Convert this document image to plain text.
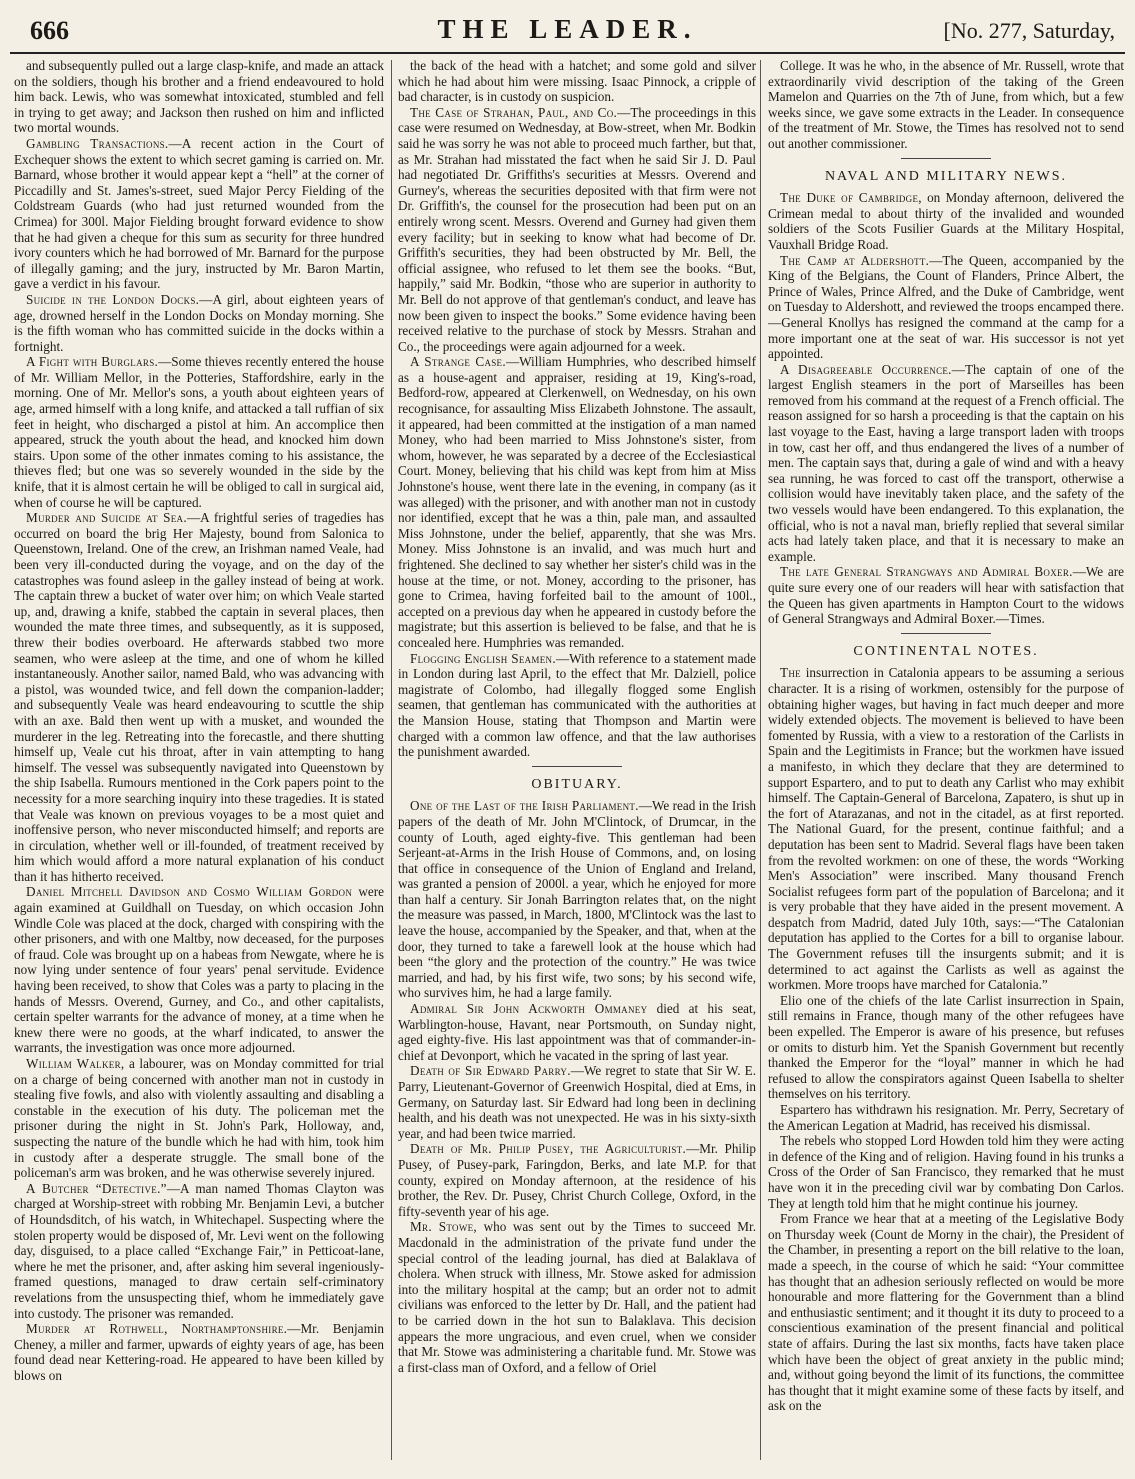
666	THE LEADER.	[No. 277, Saturday,

and subsequently pulled out a large clasp-knife, and made an attack on the soldiers, though his brother and a friend endeavoured to hold him back. Lewis, who was somewhat intoxicated, stumbled and fell in trying to get away; and Jackson then rushed on him and inflicted two mortal wounds.

Gambling Transactions.—A recent action in the Court of Exchequer shows the extent to which secret gaming is carried on. Mr. Barnard, whose brother it would appear kept a “hell” at the corner of Piccadilly and St. James's-street, sued Major Percy Fielding of the Coldstream Guards (who had just returned wounded from the Crimea) for 300l. Major Fielding brought forward evidence to show that he had given a cheque for this sum as security for three hundred ivory counters which he had borrowed of Mr. Barnard for the purpose of illegally gaming; and the jury, instructed by Mr. Baron Martin, gave a verdict in his favour.

Suicide in the London Docks.—A girl, about eighteen years of age, drowned herself in the London Docks on Monday morning. She is the fifth woman who has committed suicide in the docks within a fortnight.

A Fight with Burglars.—Some thieves recently entered the house of Mr. William Mellor, in the Potteries, Staffordshire, early in the morning. One of Mr. Mellor's sons, a youth about eighteen years of age, armed himself with a long knife, and attacked a tall ruffian of six feet in height, who discharged a pistol at him. An accomplice then appeared, struck the youth about the head, and knocked him down stairs. Upon some of the other inmates coming to his assistance, the thieves fled; but one was so severely wounded in the side by the knife, that it is almost certain he will be obliged to call in surgical aid, when of course he will be captured.

Murder and Suicide at Sea.—A frightful series of tragedies has occurred on board the brig Her Majesty, bound from Salonica to Queenstown, Ireland. One of the crew, an Irishman named Veale, had been very ill-conducted during the voyage, and on the day of the catastrophes was found asleep in the galley instead of being at work. The captain threw a bucket of water over him; on which Veale started up, and, drawing a knife, stabbed the captain in several places, then wounded the mate three times, and subsequently, as it is supposed, threw their bodies overboard. He afterwards stabbed two more seamen, who were asleep at the time, and one of whom he killed instantaneously. Another sailor, named Bald, who was advancing with a pistol, was wounded twice, and fell down the companion-ladder; and subsequently Veale was heard endeavouring to scuttle the ship with an axe. Bald then went up with a musket, and wounded the murderer in the leg. Retreating into the forecastle, and there shutting himself up, Veale cut his throat, after in vain attempting to hang himself. The vessel was subsequently navigated into Queenstown by the ship Isabella. Rumours mentioned in the Cork papers point to the necessity for a more searching inquiry into these tragedies. It is stated that Veale was known on previous voyages to be a most quiet and inoffensive person, who never misconducted himself; and reports are in circulation, whether well or ill-founded, of treatment received by him which would afford a more natural explanation of his conduct than it has hitherto received.

Daniel Mitchell Davidson and Cosmo William Gordon were again examined at Guildhall on Tuesday, on which occasion John Windle Cole was placed at the dock, charged with conspiring with the other prisoners, and with one Maltby, now deceased, for the purposes of fraud. Cole was brought up on a habeas from Newgate, where he is now lying under sentence of four years' penal servitude. Evidence having been received, to show that Coles was a party to placing in the hands of Messrs. Overend, Gurney, and Co., and other capitalists, certain spelter warrants for the advance of money, at a time when he knew there were no goods, at the wharf indicated, to answer the warrants, the investigation was once more adjourned.

William Walker, a labourer, was on Monday committed for trial on a charge of being concerned with another man not in custody in stealing five fowls, and also with violently assaulting and disabling a constable in the execution of his duty. The policeman met the prisoner during the night in St. John's Park, Holloway, and, suspecting the nature of the bundle which he had with him, took him in custody after a desperate struggle. The small bone of the policeman's arm was broken, and he was otherwise severely injured.

A Butcher “Detective.”—A man named Thomas Clayton was charged at Worship-street with robbing Mr. Benjamin Levi, a butcher of Houndsditch, of his watch, in Whitechapel. Suspecting where the stolen property would be disposed of, Mr. Levi went on the following day, disguised, to a place called “Exchange Fair,” in Petticoat-lane, where he met the prisoner, and, after asking him several ingeniously-framed questions, managed to draw certain self-criminatory revelations from the unsuspecting thief, whom he immediately gave into custody. The prisoner was remanded.

Murder at Rothwell, Northamptonshire.—Mr. Benjamin Cheney, a miller and farmer, upwards of eighty years of age, has been found dead near Kettering-road. He appeared to have been killed by blows on

the back of the head with a hatchet; and some gold and silver which he had about him were missing. Isaac Pinnock, a cripple of bad character, is in custody on suspicion.

The Case of Strahan, Paul, and Co.—The proceedings in this case were resumed on Wednesday, at Bow-street, when Mr. Bodkin said he was sorry he was not able to proceed much farther, but that, as Mr. Strahan had misstated the fact when he said Sir J. D. Paul had negotiated Dr. Griffiths's securities at Messrs. Overend and Gurney's, whereas the securities deposited with that firm were not Dr. Griffith's, the counsel for the prosecution had been put on an entirely wrong scent. Messrs. Overend and Gurney had given them every facility; but in seeking to know what had become of Dr. Griffith's securities, they had been obstructed by Mr. Bell, the official assignee, who refused to let them see the books. “But, happily,” said Mr. Bodkin, “those who are superior in authority to Mr. Bell do not approve of that gentleman's conduct, and leave has now been given to inspect the books.” Some evidence having been received relative to the purchase of stock by Messrs. Strahan and Co., the proceedings were again adjourned for a week.

A Strange Case.—William Humphries, who described himself as a house-agent and appraiser, residing at 19, King's-road, Bedford-row, appeared at Clerkenwell, on Wednesday, on his own recognisance, for assaulting Miss Elizabeth Johnstone. The assault, it appeared, had been committed at the instigation of a man named Money, who had been married to Miss Johnstone's sister, from whom, however, he was separated by a decree of the Ecclesiastical Court. Money, believing that his child was kept from him at Miss Johnstone's house, went there late in the evening, in company (as it was alleged) with the prisoner, and with another man not in custody nor identified, except that he was a thin, pale man, and assaulted Miss Johnstone, under the belief, apparently, that she was Mrs. Money. Miss Johnstone is an invalid, and was much hurt and frightened. She declined to say whether her sister's child was in the house at the time, or not. Money, according to the prisoner, has gone to Crimea, having forfeited bail to the amount of 100l., accepted on a previous day when he appeared in custody before the magistrate; but this assertion is believed to be false, and that he is concealed here. Humphries was remanded.

Flogging English Seamen.—With reference to a statement made in London during last April, to the effect that Mr. Dalziell, police magistrate of Colombo, had illegally flogged some English seamen, that gentleman has communicated with the authorities at the Mansion House, stating that Thompson and Martin were charged with a common law offence, and that the law authorises the punishment awarded.

OBITUARY.

One of the Last of the Irish Parliament.—We read in the Irish papers of the death of Mr. John M'Clintock, of Drumcar, in the county of Louth, aged eighty-five. This gentleman had been Serjeant-at-Arms in the Irish House of Commons, and, on losing that office in consequence of the Union of England and Ireland, was granted a pension of 2000l. a year, which he enjoyed for more than half a century. Sir Jonah Barrington relates that, on the night the measure was passed, in March, 1800, M'Clintock was the last to leave the house, accompanied by the Speaker, and that, when at the door, they turned to take a farewell look at the house which had been “the glory and the protection of the country.” He was twice married, and had, by his first wife, two sons; by his second wife, who survives him, he had a large family.

Admiral Sir John Ackworth Ommaney died at his seat, Warblington-house, Havant, near Portsmouth, on Sunday night, aged eighty-five. His last appointment was that of commander-in-chief at Devonport, which he vacated in the spring of last year.

Death of Sir Edward Parry.—We regret to state that Sir W. E. Parry, Lieutenant-Governor of Greenwich Hospital, died at Ems, in Germany, on Saturday last. Sir Edward had long been in declining health, and his death was not unexpected. He was in his sixty-sixth year, and had been twice married.

Death of Mr. Philip Pusey, the Agriculturist.—Mr. Philip Pusey, of Pusey-park, Faringdon, Berks, and late M.P. for that county, expired on Monday afternoon, at the residence of his brother, the Rev. Dr. Pusey, Christ Church College, Oxford, in the fifty-seventh year of his age.

Mr. Stowe, who was sent out by the Times to succeed Mr. Macdonald in the administration of the private fund under the special control of the leading journal, has died at Balaklava of cholera. When struck with illness, Mr. Stowe asked for admission into the military hospital at the camp; but an order not to admit civilians was enforced to the letter by Dr. Hall, and the patient had to be carried down in the hot sun to Balaklava. This decision appears the more ungracious, and even cruel, when we consider that Mr. Stowe was administering a charitable fund. Mr. Stowe was a first-class man of Oxford, and a fellow of Oriel

College. It was he who, in the absence of Mr. Russell, wrote that extraordinarily vivid description of the taking of the Green Mamelon and Quarries on the 7th of June, from which, but a few weeks since, we gave some extracts in the Leader. In consequence of the treatment of Mr. Stowe, the Times has resolved not to send out another commissioner.

NAVAL AND MILITARY NEWS.

The Duke of Cambridge, on Monday afternoon, delivered the Crimean medal to about thirty of the invalided and wounded soldiers of the Scots Fusilier Guards at the Military Hospital, Vauxhall Bridge Road.

The Camp at Aldershott.—The Queen, accompanied by the King of the Belgians, the Count of Flanders, Prince Albert, the Prince of Wales, Prince Alfred, and the Duke of Cambridge, went on Tuesday to Aldershott, and reviewed the troops encamped there. —General Knollys has resigned the command at the camp for a more important one at the seat of war. His successor is not yet appointed.

A Disagreeable Occurrence.—The captain of one of the largest English steamers in the port of Marseilles has been removed from his command at the request of a French official. The reason assigned for so harsh a proceeding is that the captain on his last voyage to the East, having a large transport laden with troops in tow, cast her off, and thus endangered the lives of a number of men. The captain says that, during a gale of wind and with a heavy sea running, he was forced to cast off the transport, otherwise a collision would have inevitably taken place, and the safety of the two vessels would have been endangered. To this explanation, the official, who is not a naval man, briefly replied that several similar acts had lately taken place, and that it is necessary to make an example.

The late General Strangways and Admiral Boxer.—We are quite sure every one of our readers will hear with satisfaction that the Queen has given apartments in Hampton Court to the widows of General Strangways and Admiral Boxer.—Times.

CONTINENTAL NOTES.

The insurrection in Catalonia appears to be assuming a serious character. It is a rising of workmen, ostensibly for the purpose of obtaining higher wages, but having in fact much deeper and more widely extended objects. The movement is believed to have been fomented by Russia, with a view to a restoration of the Carlists in Spain and the Legitimists in France; but the workmen have issued a manifesto, in which they declare that they are determined to support Espartero, and to put to death any Carlist who may exhibit himself. The Captain-General of Barcelona, Zapatero, is shut up in the fort of Atarazanas, and not in the citadel, as at first reported. The National Guard, for the present, continue faithful; and a deputation has been sent to Madrid. Several flags have been taken from the revolted workmen: on one of these, the words “Working Men's Association” were inscribed. Many thousand French Socialist refugees form part of the population of Barcelona; and it is very probable that they have aided in the present movement. A despatch from Madrid, dated July 10th, says:—“The Catalonian deputation has applied to the Cortes for a bill to organise labour. The Government refuses till the insurgents submit; and it is determined to act against the Carlists as well as against the workmen. More troops have marched for Catalonia.”

Elio one of the chiefs of the late Carlist insurrection in Spain, still remains in France, though many of the other refugees have been expelled. The Emperor is aware of his presence, but refuses or omits to disturb him. Yet the Spanish Government but recently thanked the Emperor for the “loyal” manner in which he had refused to allow the conspirators against Queen Isabella to shelter themselves on his territory.

Espartero has withdrawn his resignation. Mr. Perry, Secretary of the American Legation at Madrid, has received his dismissal.

The rebels who stopped Lord Howden told him they were acting in defence of the King and of religion. Having found in his trunks a Cross of the Order of San Francisco, they remarked that he must have won it in the preceding civil war by combating Don Carlos. They at length told him that he might continue his journey.

From France we hear that at a meeting of the Legislative Body on Thursday week (Count de Morny in the chair), the President of the Chamber, in presenting a report on the bill relative to the loan, made a speech, in the course of which he said: “Your committee has thought that an adhesion seriously reflected on would be more honourable and more flattering for the Government than a blind and enthusiastic sentiment; and it thought it its duty to proceed to a conscientious examination of the present financial and political state of affairs. During the last six months, facts have taken place which have been the object of great anxiety in the public mind; and, without going beyond the limit of its functions, the committee has thought that it might examine some of these facts by itself, and ask on the
